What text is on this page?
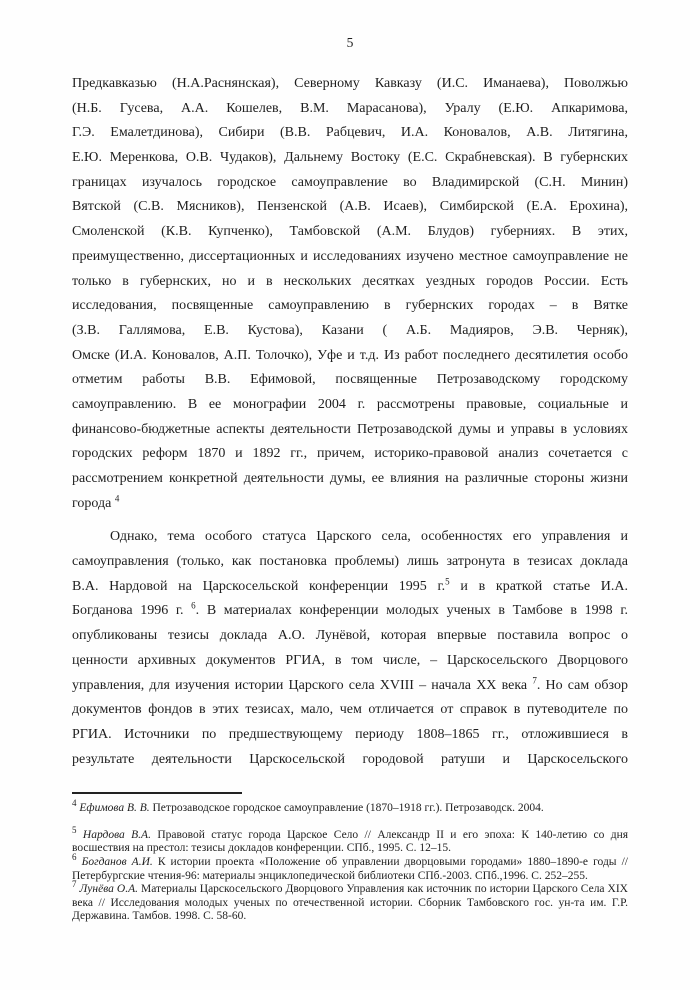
5
Предкавказью (Н.А.Раснянская), Северному Кавказу (И.С. Иманаева), Поволжью
(Н.Б. Гусева, А.А. Кошелев, В.М. Марасанова), Уралу (Е.Ю. Апкаримова,
Г.Э. Емалетдинова), Сибири (В.В. Рабцевич, И.А. Коновалов, А.В. Литягина,
Е.Ю. Меренкова, О.В. Чудаков), Дальнему Востоку (Е.С. Скрабневская). В губернских
границах изучалось городское самоуправление во Владимирской (С.Н. Минин)
Вятской (С.В. Мясников), Пензенской (А.В. Исаев), Симбирской (Е.А. Ерохина),
Смоленской (К.В. Купченко), Тамбовской (А.М. Блудов) губерниях. В этих,
преимущественно, диссертационных и исследованиях изучено местное самоуправление не
только в губернских, но и в нескольких десятках уездных городов России. Есть
исследования, посвященные самоуправлению в губернских городах – в Вятке
(З.В. Галлямова, Е.В. Кустова), Казани ( А.Б. Мадияров, Э.В. Черняк),
Омске (И.А. Коновалов, А.П. Толочко), Уфе и т.д. Из работ последнего десятилетия особо
отметим работы В.В. Ефимовой, посвященные Петрозаводскому городскому
самоуправлению. В ее монографии 2004 г. рассмотрены правовые, социальные и
финансово-бюджетные аспекты деятельности Петрозаводской думы и управы в условиях
городских реформ 1870 и 1892 гг., причем, историко-правовой анализ сочетается с
рассмотрением конкретной деятельности думы, ее влияния на различные стороны жизни
города $^4$
Однако, тема особого статуса Царского села, особенностях его управления и
самоуправления (только, как постановка проблемы) лишь затронута в тезисах доклада
В.А. Нардовой на Царскосельской конференции 1995 г.$^5$ и в краткой статье И.А.
Богданова 1996 г. $^6$. В материалах конференции молодых ученых в Тамбове в 1998 г.
опубликованы тезисы доклада А.О. Лунёвой, которая впервые поставила вопрос о
ценности архивных документов РГИА, в том числе, – Царскосельского Дворцового
управления, для изучения истории Царского села XVIII – начала XX века $^7$. Но сам обзор
документов фондов в этих тезисах, мало, чем отличается от справок в путеводителе по
РГИА. Источники по предшествующему периоду 1808–1865 гг., отложившиеся в
результате деятельности Царскосельской городовой ратуши и Царскосельского
$^4$ Ефимова В. В. Петрозаводское городское самоуправление (1870–1918 гг.). Петрозаводск. 2004.
$^5$ Нардова В.А. Правовой статус города Царское Село // Александр II и его эпоха: К 140-летию со дня восшествия на престол: тезисы докладов конференции. СПб., 1995. С. 12–15.
$^6$ Богданов А.И. К истории проекта «Положение об управлении дворцовыми городами» 1880–1890-е годы // Петербургские чтения-96: материалы энциклопедической библиотеки СПб.-2003. СПб.,1996. С. 252–255.
$^7$ Лунёва О.А. Материалы Царскосельского Дворцового Управления как источник по истории Царского Села XIX века // Исследования молодых ученых по отечественной истории. Сборник Тамбовского гос. ун-та им. Г.Р. Державина. Тамбов. 1998. С. 58-60.
